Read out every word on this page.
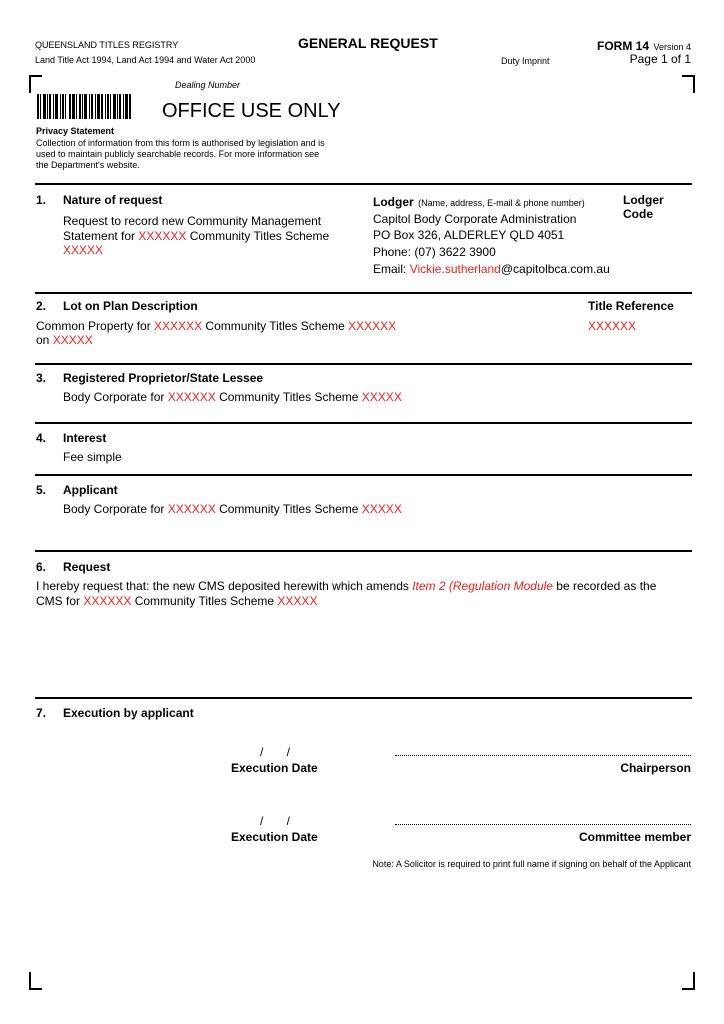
QUEENSLAND TITLES REGISTRY
Land Title Act 1994, Land Act 1994 and Water Act 2000
GENERAL REQUEST	FORM 14 Version 4
Page 1 of 1
Duty Imprint
Dealing Number
OFFICE USE ONLY
Privacy Statement
Collection of information from this form is authorised by legislation and is
used to maintain publicly searchable records. For more information see
the Department's website.
1. Nature of request
Request to record new Community Management
Statement for XXXXXX Community Titles Scheme
XXXXX
Lodger (Name, address, E-mail & phone number)
Capitol Body Corporate Administration
PO Box 326, ALDERLEY QLD 4051
Phone: (07) 3622 3900
Email: Vickie.sutherland@capitolbca.com.au
Lodger
Code
2. Lot on Plan Description
Common Property for XXXXXX Community Titles Scheme XXXXXX
on XXXXX
Title Reference
XXXXXX
3. Registered Proprietor/State Lessee
Body Corporate for XXXXXX Community Titles Scheme XXXXX
4. Interest
Fee simple
5. Applicant
Body Corporate for XXXXXX Community Titles Scheme XXXXX
6. Request
I hereby request that: the new CMS deposited herewith which amends Item 2 (Regulation Module be recorded as the
CMS for XXXXXX Community Titles Scheme XXXXX
7. Execution by applicant
/       /
Execution Date	Chairperson
/       /
Execution Date	Committee member
Note: A Solicitor is required to print full name if signing on behalf of the Applicant
